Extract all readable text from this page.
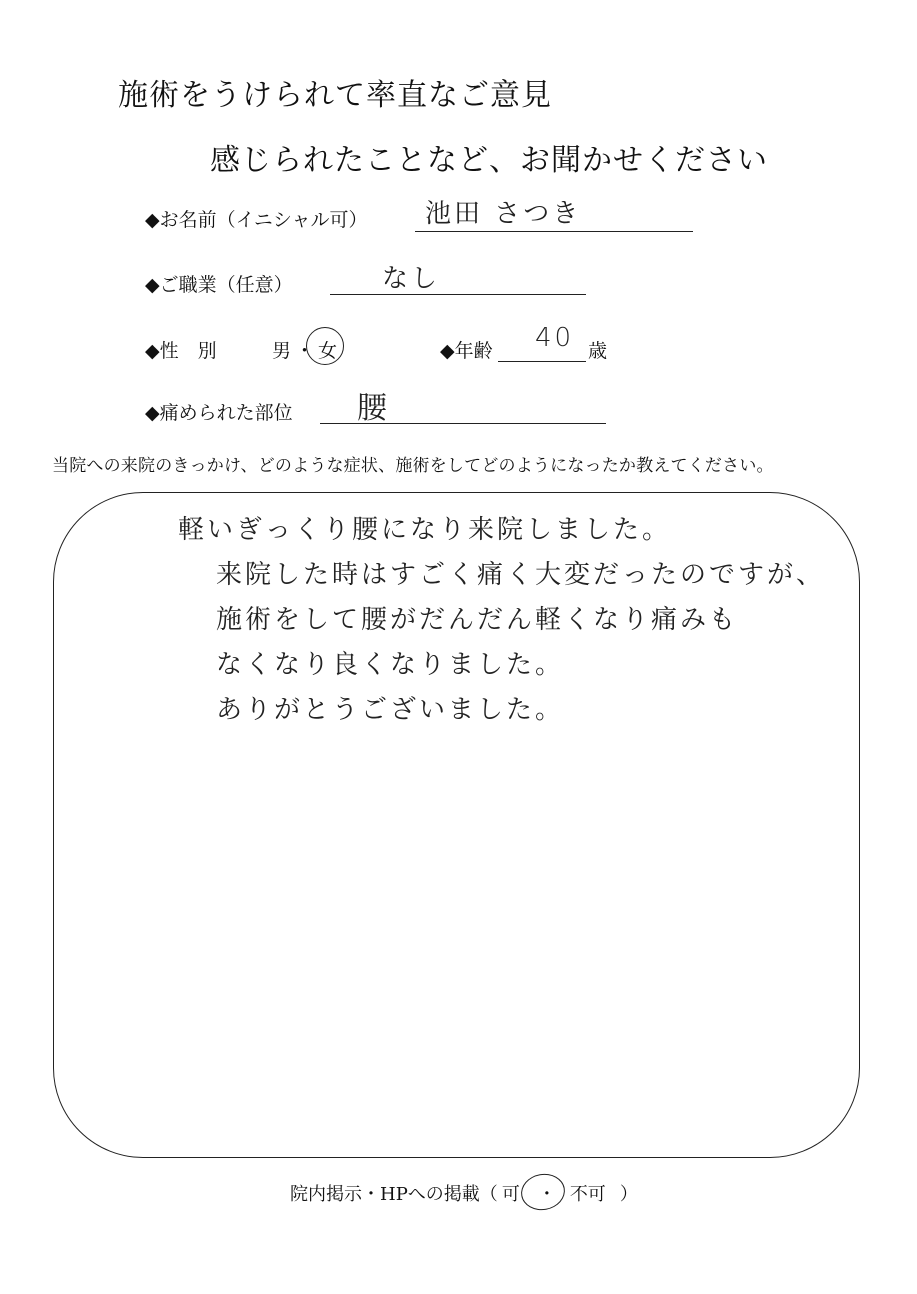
施術をうけられて率直なご意見
感じられたことなど、お聞かせください
◆お名前（イニシャル可） 池田 さつき
◆ご職業（任意）	なし
◆性　別	男・女	◆年齢 40 歳
◆痛められた部位 腰
当院への来院のきっかけ、どのような症状、施術をしてどのようになったか教えてください。
軽いぎっくり腰になり来院しました。
来院した時はすごく痛く大変だったのですが、
施術をして腰がだんだん軽くなり痛みも
なくなり良くなりました。
ありがとうございました。
院内掲示・HPへの掲載（ 可 ・ 不可 ）
